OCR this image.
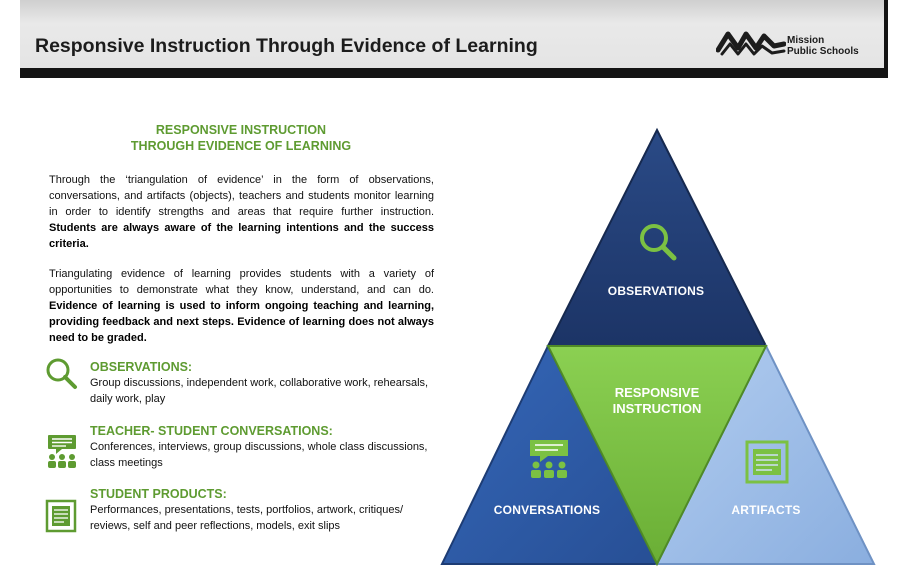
Responsive Instruction Through Evidence of Learning	Mission
Public Schools
RESPONSIVE INSTRUCTION
THROUGH EVIDENCE OF LEARNING

Through the ‘triangulation of evidence’ in the form of observations, conversations, and artifacts (objects), teachers and students monitor learning in order to identify strengths and areas that require further instruction. Students are always aware of the learning intentions and the success criteria.

Triangulating evidence of learning provides students with a variety of opportunities to demonstrate what they know, understand, and can do. Evidence of learning is used to inform ongoing teaching and learning, providing feedback and next steps. Evidence of learning does not always need to be graded.

OBSERVATIONS:
Group discussions, independent work, collaborative work, rehearsals, daily work, play
TEACHER- STUDENT CONVERSATIONS:
Conferences, interviews, group discussions, whole class discussions, class meetings
STUDENT PRODUCTS:
Performances, presentations, tests, portfolios, artwork, critiques/ reviews, self and peer reflections, models, exit slips
OBSERVATIONS
CONVERSATIONS	ARTIFACTS
RESPONSIVE
INSTRUCTION
